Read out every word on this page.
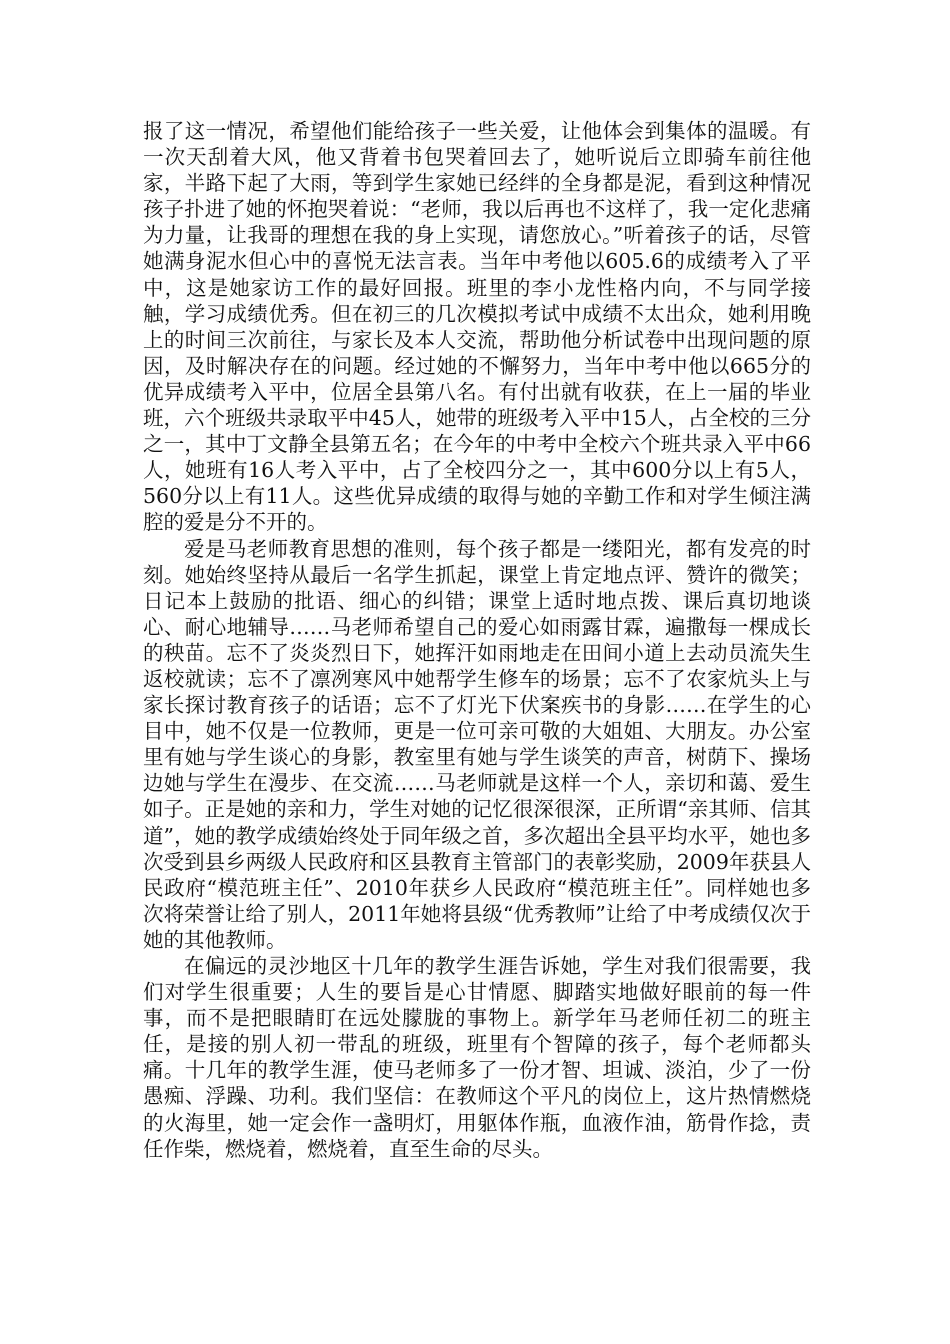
报了这一情况，希望他们能给孩子一些关爱，让他体会到集体的温暖。有一次天刮着大风，他又背着书包哭着回去了，她听说后立即骑车前往他家，半路下起了大雨，等到学生家她已经绊的全身都是泥，看到这种情况孩子扑进了她的怀抱哭着说：“老师，我以后再也不这样了，我一定化悲痛为力量，让我哥的理想在我的身上实现，请您放心。”听着孩子的话，尽管她满身泥水但心中的喜悦无法言表。当年中考他以605.6的成绩考入了平中，这是她家访工作的最好回报。班里的李小龙性格内向，不与同学接触，学习成绩优秀。但在初三的几次模拟考试中成绩不太出众，她利用晚上的时间三次前往，与家长及本人交流，帮助他分析试卷中出现问题的原因，及时解决存在的问题。经过她的不懈努力，当年中考中他以665分的优异成绩考入平中，位居全县第八名。有付出就有收获，在上一届的毕业班，六个班级共录取平中45人，她带的班级考入平中15人，占全校的三分之一，其中丁文静全县第五名；在今年的中考中全校六个班共录入平中66人，她班有16人考入平中，占了全校四分之一，其中600分以上有5人，560分以上有11人。这些优异成绩的取得与她的辛勤工作和对学生倾注满腔的爱是分不开的。

爱是马老师教育思想的准则，每个孩子都是一缕阳光，都有发亮的时刻。她始终坚持从最后一名学生抓起，课堂上肯定地点评、赞许的微笑；日记本上鼓励的批语、细心的纠错；课堂上适时地点拨、课后真切地谈心、耐心地辅导……马老师希望自己的爱心如雨露甘霖，遍撒每一棵成长的秧苗。忘不了炎炎烈日下，她挥汗如雨地走在田间小道上去动员流失生返校就读；忘不了凛冽寒风中她帮学生修车的场景；忘不了农家炕头上与家长探讨教育孩子的话语；忘不了灯光下伏案疾书的身影……在学生的心目中，她不仅是一位教师，更是一位可亲可敬的大姐姐、大朋友。办公室里有她与学生谈心的身影，教室里有她与学生谈笑的声音，树荫下、操场边她与学生在漫步、在交流……马老师就是这样一个人，亲切和蔼、爱生如子。正是她的亲和力，学生对她的记忆很深很深，正所谓“亲其师、信其道”，她的教学成绩始终处于同年级之首，多次超出全县平均水平，她也多次受到县乡两级人民政府和区县教育主管部门的表彰奖励，2009年获县人民政府“模范班主任”、2010年获乡人民政府“模范班主任”。同样她也多次将荣誉让给了别人，2011年她将县级“优秀教师”让给了中考成绩仅次于她的其他教师。

在偏远的灵沙地区十几年的教学生涯告诉她，学生对我们很需要，我们对学生很重要；人生的要旨是心甘情愿、脚踏实地做好眼前的每一件事，而不是把眼睛盯在远处朦胧的事物上。新学年马老师任初二的班主任，是接的别人初一带乱的班级，班里有个智障的孩子，每个老师都头痛。十几年的教学生涯，使马老师多了一份才智、坦诚、淡泊，少了一份愚痴、浮躁、功利。我们坚信：在教师这个平凡的岗位上，这片热情燃烧的火海里，她一定会作一盏明灯，用躯体作瓶，血液作油，筋骨作捻，责任作柴，燃烧着，燃烧着，直至生命的尽头。
